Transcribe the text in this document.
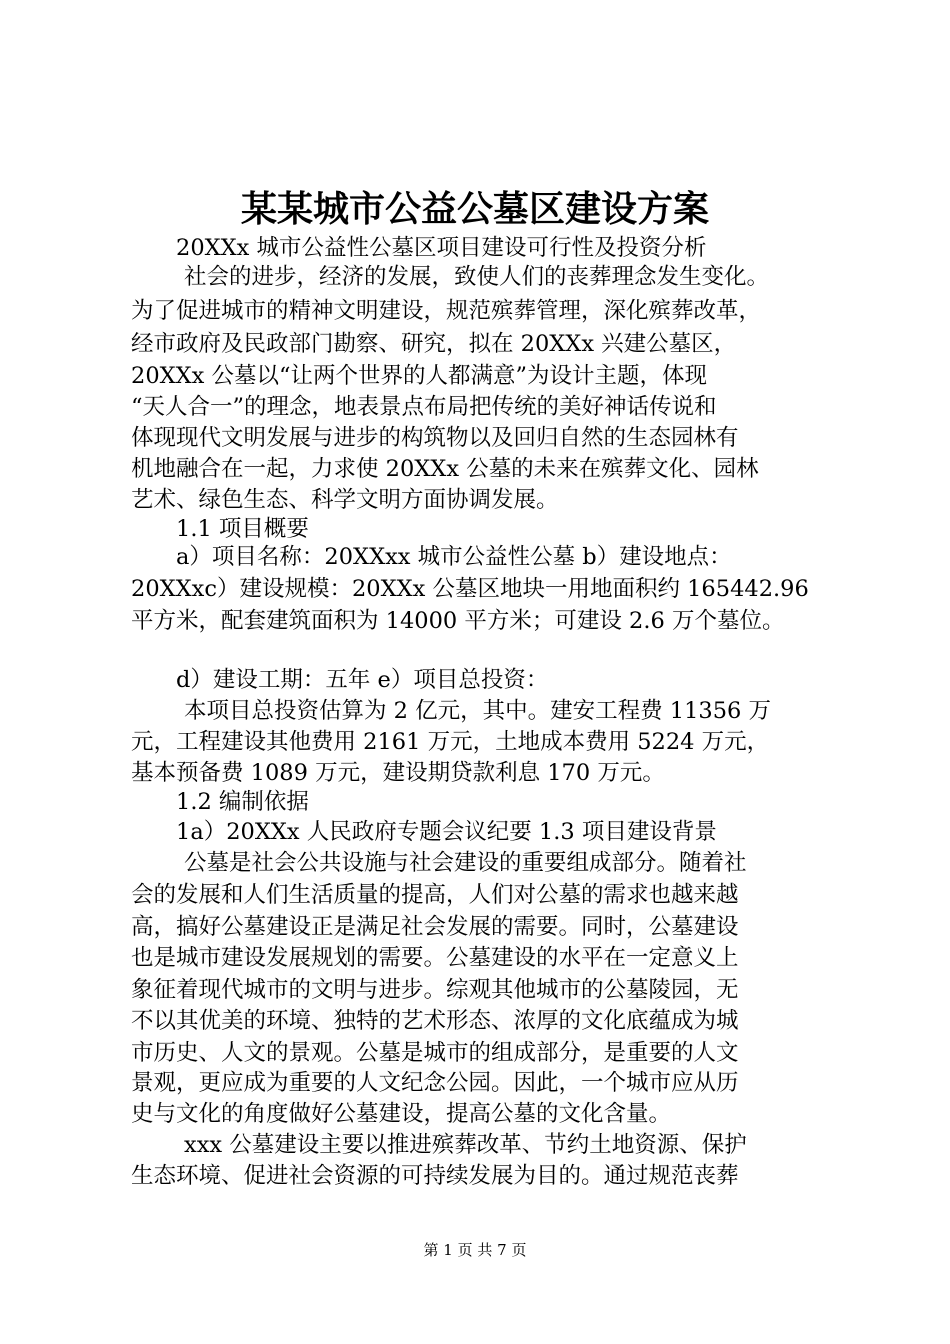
某某城市公益公墓区建设方案
20XXx 城市公益性公墓区项目建设可行性及投资分析
社会的进步，经济的发展，致使人们的丧葬理念发生变化。
为了促进城市的精神文明建设，规范殡葬管理，深化殡葬改革，
经市政府及民政部门勘察、研究，拟在 20XXx 兴建公墓区，
20XXx 公墓以“让两个世界的人都满意”为设计主题，体现
“天人合一”的理念，地表景点布局把传统的美好神话传说和
体现现代文明发展与进步的构筑物以及回归自然的生态园林有
机地融合在一起，力求使 20XXx 公墓的未来在殡葬文化、园林
艺术、绿色生态、科学文明方面协调发展。
1.1 项目概要
a）项目名称：20XXxx 城市公益性公墓 b）建设地点：
20XXxc）建设规模：20XXx 公墓区地块一用地面积约 165442.96
平方米，配套建筑面积为 14000 平方米；可建设 2.6 万个墓位。
d）建设工期：五年 e）项目总投资：
本项目总投资估算为 2 亿元，其中。建安工程费 11356 万
元，工程建设其他费用 2161 万元，土地成本费用 5224 万元，
基本预备费 1089 万元，建设期贷款利息 170 万元。
1.2 编制依据
1a）20XXx 人民政府专题会议纪要 1.3 项目建设背景
公墓是社会公共设施与社会建设的重要组成部分。随着社
会的发展和人们生活质量的提高，人们对公墓的需求也越来越
高，搞好公墓建设正是满足社会发展的需要。同时，公墓建设
也是城市建设发展规划的需要。公墓建设的水平在一定意义上
象征着现代城市的文明与进步。综观其他城市的公墓陵园，无
不以其优美的环境、独特的艺术形态、浓厚的文化底蕴成为城
市历史、人文的景观。公墓是城市的组成部分，是重要的人文
景观，更应成为重要的人文纪念公园。因此，一个城市应从历
史与文化的角度做好公墓建设，提高公墓的文化含量。
xxx 公墓建设主要以推进殡葬改革、节约土地资源、保护
生态环境、促进社会资源的可持续发展为目的。通过规范丧葬
第 1 页 共 7 页
